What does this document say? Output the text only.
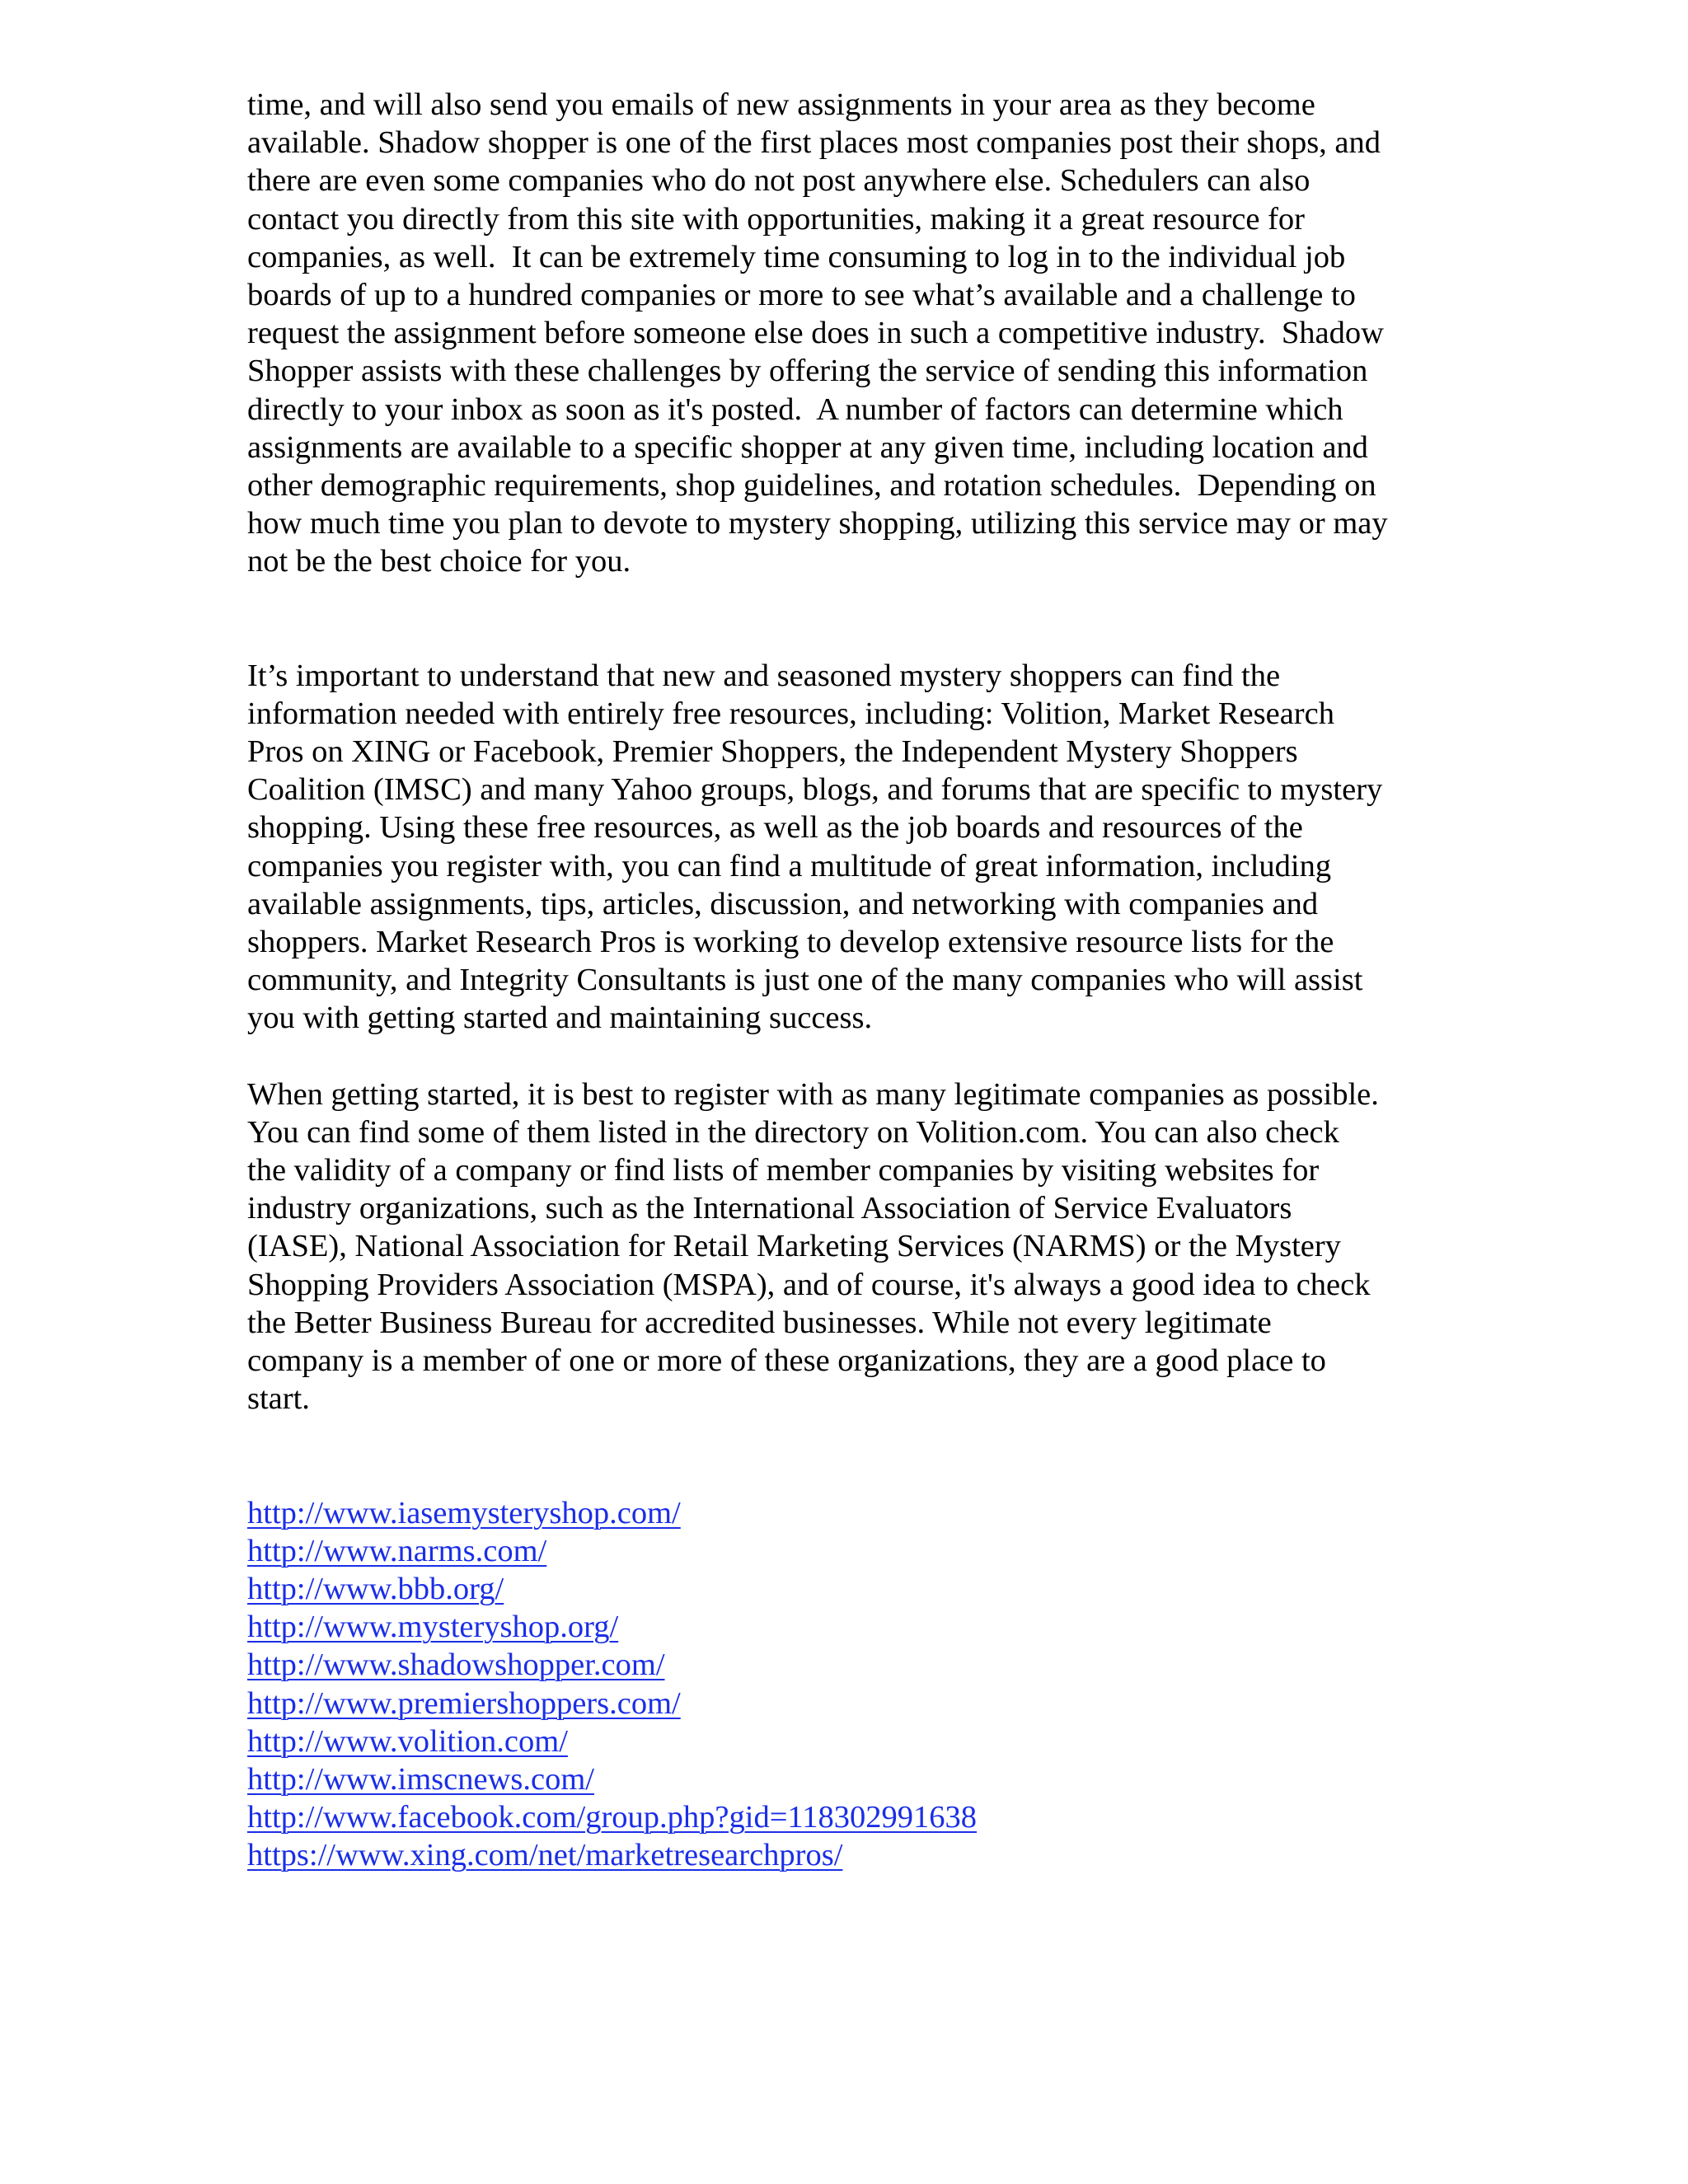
time, and will also send you emails of new assignments in your area as they become
available. Shadow shopper is one of the first places most companies post their shops, and
there are even some companies who do not post anywhere else. Schedulers can also
contact you directly from this site with opportunities, making it a great resource for
companies, as well.  It can be extremely time consuming to log in to the individual job
boards of up to a hundred companies or more to see what’s available and a challenge to
request the assignment before someone else does in such a competitive industry.  Shadow
Shopper assists with these challenges by offering the service of sending this information
directly to your inbox as soon as it's posted.  A number of factors can determine which
assignments are available to a specific shopper at any given time, including location and
other demographic requirements, shop guidelines, and rotation schedules.  Depending on
how much time you plan to devote to mystery shopping, utilizing this service may or may
not be the best choice for you.
It’s important to understand that new and seasoned mystery shoppers can find the
information needed with entirely free resources, including: Volition, Market Research
Pros on XING or Facebook, Premier Shoppers, the Independent Mystery Shoppers
Coalition (IMSC) and many Yahoo groups, blogs, and forums that are specific to mystery
shopping. Using these free resources, as well as the job boards and resources of the
companies you register with, you can find a multitude of great information, including
available assignments, tips, articles, discussion, and networking with companies and
shoppers. Market Research Pros is working to develop extensive resource lists for the
community, and Integrity Consultants is just one of the many companies who will assist
you with getting started and maintaining success.
When getting started, it is best to register with as many legitimate companies as possible.
You can find some of them listed in the directory on Volition.com. You can also check
the validity of a company or find lists of member companies by visiting websites for
industry organizations, such as the International Association of Service Evaluators
(IASE), National Association for Retail Marketing Services (NARMS) or the Mystery
Shopping Providers Association (MSPA), and of course, it's always a good idea to check
the Better Business Bureau for accredited businesses. While not every legitimate
company is a member of one or more of these organizations, they are a good place to
start.
http://www.iasemysteryshop.com/
http://www.narms.com/
http://www.bbb.org/
http://www.mysteryshop.org/
http://www.shadowshopper.com/
http://www.premiershoppers.com/
http://www.volition.com/
http://www.imscnews.com/
http://www.facebook.com/group.php?gid=118302991638
https://www.xing.com/net/marketresearchpros/
